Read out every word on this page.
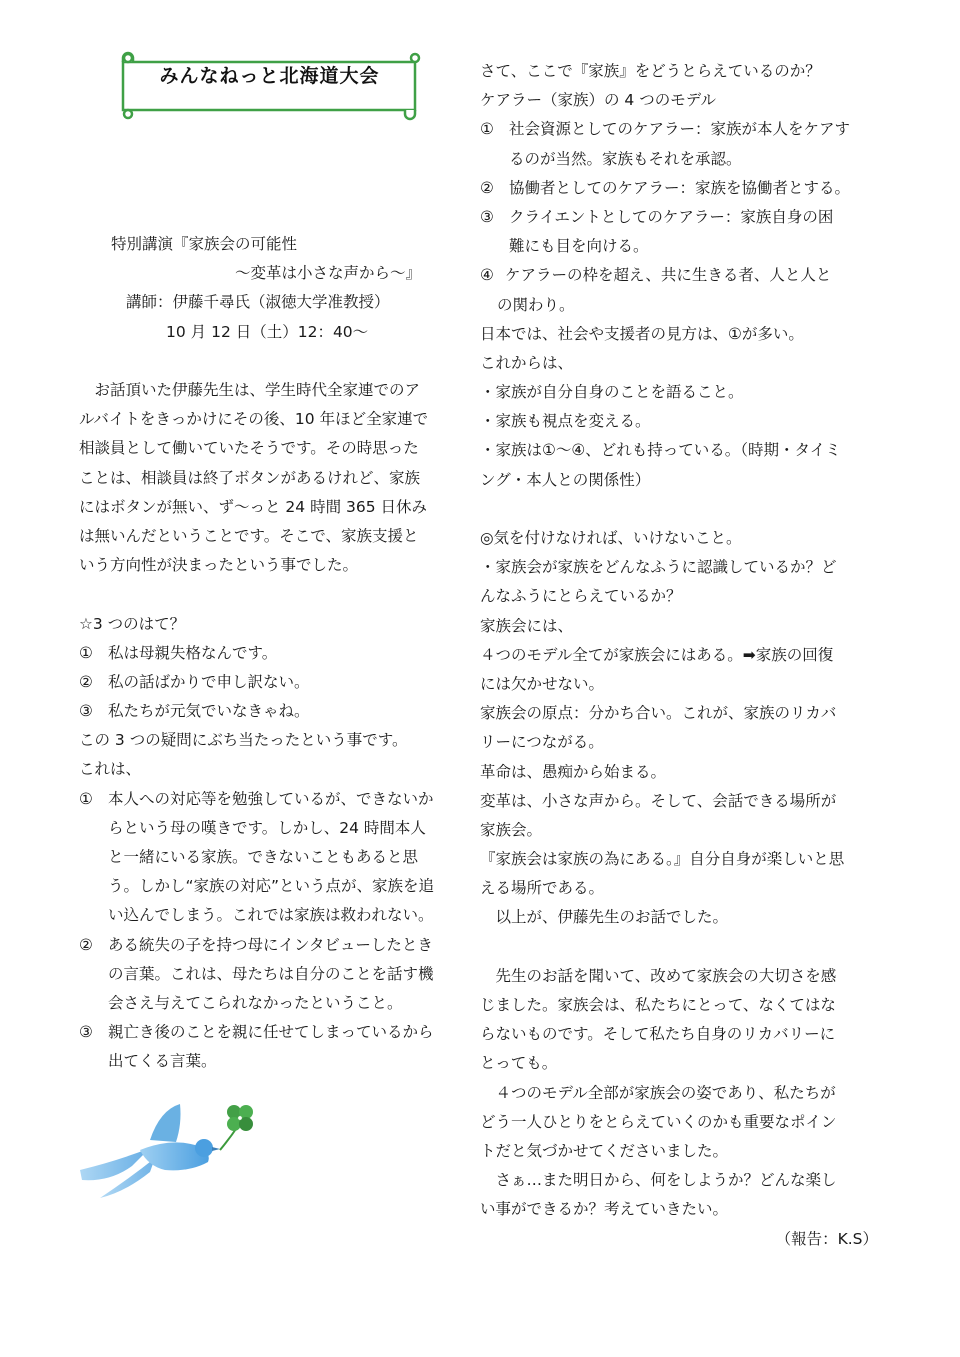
みんなねっと北海道大会
特別講演『家族会の可能性
～変革は小さな声から～』
講師：伊藤千尋氏（淑徳大学准教授）
10 月 12 日（土）12：40～
　お話頂いた伊藤先生は、学生時代全家連でのア
ルバイトをきっかけにその後、10 年ほど全家連で
相談員として働いていたそうです。その時思った
ことは、相談員は終了ボタンがあるけれど、家族
にはボタンが無い、ず～っと 24 時間 365 日休み
は無いんだということです。そこで、家族支援と
いう方向性が決まったという事でした。
☆3 つのはて？
① 私は母親失格なんです。
② 私の話ばかりで申し訳ない。
③ 私たちが元気でいなきゃね。
この 3 つの疑問にぶち当たったという事です。
これは、
① 本人への対応等を勉強しているが、できないか
らという母の嘆きです。しかし、24 時間本人
と一緒にいる家族。できないこともあると思
う。しかし“家族の対応”という点が、家族を追
い込んでしまう。これでは家族は救われない。
② ある統失の子を持つ母にインタビューしたとき
の言葉。これは、母たちは自分のことを話す機
会さえ与えてこられなかったということ。
③ 親亡き後のことを親に任せてしまっているから
出てくる言葉。
さて、ここで『家族』をどうとらえているのか？
ケアラー（家族）の 4 つのモデル
① 社会資源としてのケアラー：家族が本人をケアす
るのが当然。家族もそれを承認。
② 協働者としてのケアラー：家族を協働者とする。
③ クライエントとしてのケアラー：家族自身の困
難にも目を向ける。
④ ケアラーの枠を超え、共に生きる者、人と人と
の関わり。
日本では、社会や支援者の見方は、①が多い。
これからは、
・家族が自分自身のことを語ること。
・家族も視点を変える。
・家族は①～④、どれも持っている。（時期・タイミ
ング・本人との関係性）
◎気を付けなければ、いけないこと。
・家族会が家族をどんなふうに認識しているか？ど
んなふうにとらえているか？
家族会には、
４つのモデル全てが家族会にはある。➡家族の回復
には欠かせない。
家族会の原点：分かち合い。これが、家族のリカバ
リーにつながる。
革命は、愚痴から始まる。
変革は、小さな声から。そして、会話できる場所が
家族会。
『家族会は家族の為にある。』自分自身が楽しいと思
える場所である。
　以上が、伊藤先生のお話でした。
　先生のお話を聞いて、改めて家族会の大切さを感
じました。家族会は、私たちにとって、なくてはな
らないものです。そして私たち自身のリカバリーに
とっても。
　４つのモデル全部が家族会の姿であり、私たちが
どう一人ひとりをとらえていくのかも重要なポイン
トだと気づかせてくださいました。
　さぁ…また明日から、何をしようか？どんな楽し
い事ができるか？考えていきたい。
（報告：K.S）
